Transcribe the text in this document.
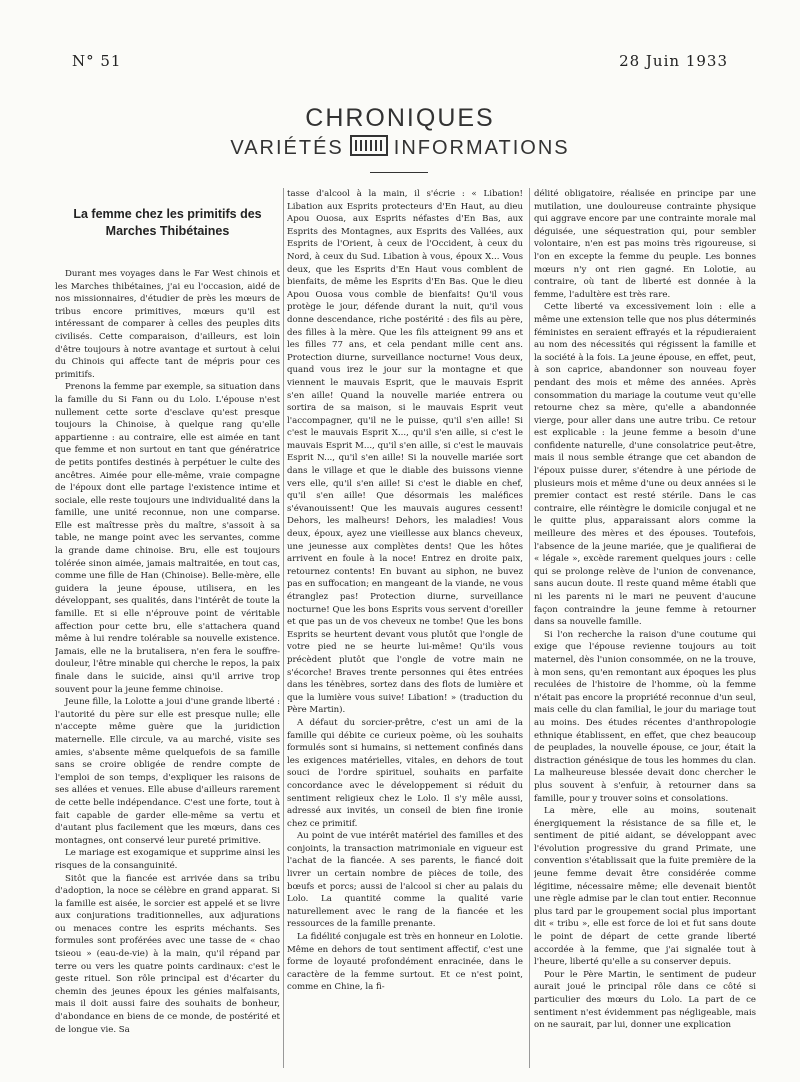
N° 51	28 Juin 1933
CHRONIQUES
VARIÉTÉS	INFORMATIONS
La femme chez les primitifs des Marches Thibétaines

Durant mes voyages dans le Far West chinois et les Marches thibétaines, j'ai eu l'occasion, aidé de nos missionnaires, d'étudier de près les mœurs de tribus encore primitives, mœurs qu'il est intéressant de comparer à celles des peuples dits civilisés. Cette comparaison, d'ailleurs, est loin d'être toujours à notre avantage et surtout à celui du Chinois qui affecte tant de mépris pour ces primitifs.

Prenons la femme par exemple, sa situation dans la famille du Si Fann ou du Lolo. L'épouse n'est nullement cette sorte d'esclave qu'est presque toujours la Chinoise, à quelque rang qu'elle appartienne : au contraire, elle est aimée en tant que femme et non surtout en tant que génératrice de petits pontifes destinés à perpétuer le culte des ancêtres. Aimée pour elle-même, vraie compagne de l'époux dont elle partage l'existence intime et sociale, elle reste toujours une individualité dans la famille, une unité reconnue, non une comparse. Elle est maîtresse près du maître, s'assoit à sa table, ne mange point avec les servantes, comme la grande dame chinoise. Bru, elle est toujours tolérée sinon aimée, jamais maltraitée, en tout cas, comme une fille de Han (Chinoise). Belle-mère, elle guidera la jeune épouse, utilisera, en les développant, ses qualités, dans l'intérêt de toute la famille. Et si elle n'éprouve point de véritable affection pour cette bru, elle s'attachera quand même à lui rendre tolérable sa nouvelle existence. Jamais, elle ne la brutalisera, n'en fera le souffre-douleur, l'être minable qui cherche le repos, la paix finale dans le suicide, ainsi qu'il arrive trop souvent pour la jeune femme chinoise.

Jeune fille, la Lolotte a joui d'une grande liberté : l'autorité du père sur elle est presque nulle; elle n'accepte même guère que la juridiction maternelle. Elle circule, va au marché, visite ses amies, s'absente même quelquefois de sa famille sans se croire obligée de rendre compte de l'emploi de son temps, d'expliquer les raisons de ses allées et venues. Elle abuse d'ailleurs rarement de cette belle indépendance. C'est une forte, tout à fait capable de garder elle-même sa vertu et d'autant plus facilement que les mœurs, dans ces montagnes, ont conservé leur pureté primitive.

Le mariage est exogamique et supprime ainsi les risques de la consanguinité.

Sitôt que la fiancée est arrivée dans sa tribu d'adoption, la noce se célèbre en grand apparat. Si la famille est aisée, le sorcier est appelé et se livre aux conjurations traditionnelles, aux adjurations ou menaces contre les esprits méchants. Ses formules sont proférées avec une tasse de « chao tsieou » (eau-de-vie) à la main, qu'il répand par terre ou vers les quatre points cardinaux: c'est le geste rituel. Son rôle principal est d'écarter du chemin des jeunes époux les génies malfaisants, mais il doit aussi faire des souhaits de bonheur, d'abondance en biens de ce monde, de postérité et de longue vie. Sa

tasse d'alcool à la main, il s'écrie : « Libation! Libation aux Esprits protecteurs d'En Haut, au dieu Apou Ouosa, aux Esprits néfastes d'En Bas, aux Esprits des Montagnes, aux Esprits des Vallées, aux Esprits de l'Orient, à ceux de l'Occident, à ceux du Nord, à ceux du Sud. Libation à vous, époux X... Vous deux, que les Esprits d'En Haut vous comblent de bienfaits, de même les Esprits d'En Bas. Que le dieu Apou Ouosa vous comble de bienfaits! Qu'il vous protège le jour, défende durant la nuit, qu'il vous donne descendance, riche postérité : des fils au père, des filles à la mère. Que les fils atteignent 99 ans et les filles 77 ans, et cela pendant mille cent ans. Protection diurne, surveillance nocturne! Vous deux, quand vous irez le jour sur la montagne et que viennent le mauvais Esprit, que le mauvais Esprit s'en aille! Quand la nouvelle mariée entrera ou sortira de sa maison, si le mauvais Esprit veut l'accompagner, qu'il ne le puisse, qu'il s'en aille! Si c'est le mauvais Esprit X..., qu'il s'en aille, si c'est le mauvais Esprit M..., qu'il s'en aille, si c'est le mauvais Esprit N..., qu'il s'en aille! Si la nouvelle mariée sort dans le village et que le diable des buissons vienne vers elle, qu'il s'en aille! Si c'est le diable en chef, qu'il s'en aille! Que désormais les maléfices s'évanouissent! Que les mauvais augures cessent! Dehors, les malheurs! Dehors, les maladies! Vous deux, époux, ayez une vieillesse aux blancs cheveux, une jeunesse aux complètes dents! Que les hôtes arrivent en foule à la noce! Entrez en droite paix, retournez contents! En buvant au siphon, ne buvez pas en suffocation; en mangeant de la viande, ne vous étranglez pas! Protection diurne, surveillance nocturne! Que les bons Esprits vous servent d'oreiller et que pas un de vos cheveux ne tombe! Que les bons Esprits se heurtent devant vous plutôt que l'ongle de votre pied ne se heurte lui-même! Qu'ils vous précèdent plutôt que l'ongle de votre main ne s'écorche! Braves trente personnes qui êtes entrées dans les ténèbres, sortez dans des flots de lumière et que la lumière vous suive! Libation! » (traduction du Père Martin).

A défaut du sorcier-prêtre, c'est un ami de la famille qui débite ce curieux poème, où les souhaits formulés sont si humains, si nettement confinés dans les exigences matérielles, vitales, en dehors de tout souci de l'ordre spirituel, souhaits en parfaite concordance avec le développement si réduit du sentiment religieux chez le Lolo. Il s'y mêle aussi, adressé aux invités, un conseil de bien fine ironie chez ce primitif.

Au point de vue intérêt matériel des familles et des conjoints, la transaction matrimoniale en vigueur est l'achat de la fiancée. A ses parents, le fiancé doit livrer un certain nombre de pièces de toile, des bœufs et porcs; aussi de l'alcool si cher au palais du Lolo. La quantité comme la qualité varie naturellement avec le rang de la fiancée et les ressources de la famille prenante.

La fidélité conjugale est très en honneur en Lolotie. Même en dehors de tout sentiment affectif, c'est une forme de loyauté profondément enracinée, dans le caractère de la femme surtout. Et ce n'est point, comme en Chine, la fi-

délité obligatoire, réalisée en principe par une mutilation, une douloureuse contrainte physique qui aggrave encore par une contrainte morale mal déguisée, une séquestration qui, pour sembler volontaire, n'en est pas moins très rigoureuse, si l'on en excepte la femme du peuple. Les bonnes mœurs n'y ont rien gagné. En Lolotie, au contraire, où tant de liberté est donnée à la femme, l'adultère est très rare.

Cette liberté va excessivement loin : elle a même une extension telle que nos plus déterminés féministes en seraient effrayés et la répudieraient au nom des nécessités qui régissent la famille et la société à la fois. La jeune épouse, en effet, peut, à son caprice, abandonner son nouveau foyer pendant des mois et même des années. Après consommation du mariage la coutume veut qu'elle retourne chez sa mère, qu'elle a abandonnée vierge, pour aller dans une autre tribu. Ce retour est explicable : la jeune femme a besoin d'une confidente naturelle, d'une consolatrice peut-être, mais il nous semble étrange que cet abandon de l'époux puisse durer, s'étendre à une période de plusieurs mois et même d'une ou deux années si le premier contact est resté stérile. Dans le cas contraire, elle réintègre le domicile conjugal et ne le quitte plus, apparaissant alors comme la meilleure des mères et des épouses. Toutefois, l'absence de la jeune mariée, que je qualifierai de « légale », excède rarement quelques jours : celle qui se prolonge relève de l'union de convenance, sans aucun doute. Il reste quand même établi que ni les parents ni le mari ne peuvent d'aucune façon contraindre la jeune femme à retourner dans sa nouvelle famille.

Si l'on recherche la raison d'une coutume qui exige que l'épouse revienne toujours au toit maternel, dès l'union consommée, on ne la trouve, à mon sens, qu'en remontant aux époques les plus reculées de l'histoire de l'homme, où la femme n'était pas encore la propriété reconnue d'un seul, mais celle du clan familial, le jour du mariage tout au moins. Des études récentes d'anthropologie ethnique établissent, en effet, que chez beaucoup de peuplades, la nouvelle épouse, ce jour, était la distraction génésique de tous les hommes du clan. La malheureuse blessée devait donc chercher le plus souvent à s'enfuir, à retourner dans sa famille, pour y trouver soins et consolations.

La mère, elle au moins, soutenait énergiquement la résistance de sa fille et, le sentiment de pitié aidant, se développant avec l'évolution progressive du grand Primate, une convention s'établissait que la fuite première de la jeune femme devait être considérée comme légitime, nécessaire même; elle devenait bientôt une règle admise par le clan tout entier. Reconnue plus tard par le groupement social plus important dit « tribu », elle est force de loi et fut sans doute le point de départ de cette grande liberté accordée à la femme, que j'ai signalée tout à l'heure, liberté qu'elle a su conserver depuis.

Pour le Père Martin, le sentiment de pudeur aurait joué le principal rôle dans ce côté si particulier des mœurs du Lolo. La part de ce sentiment n'est évidemment pas négligeable, mais on ne saurait, par lui, donner une explication
